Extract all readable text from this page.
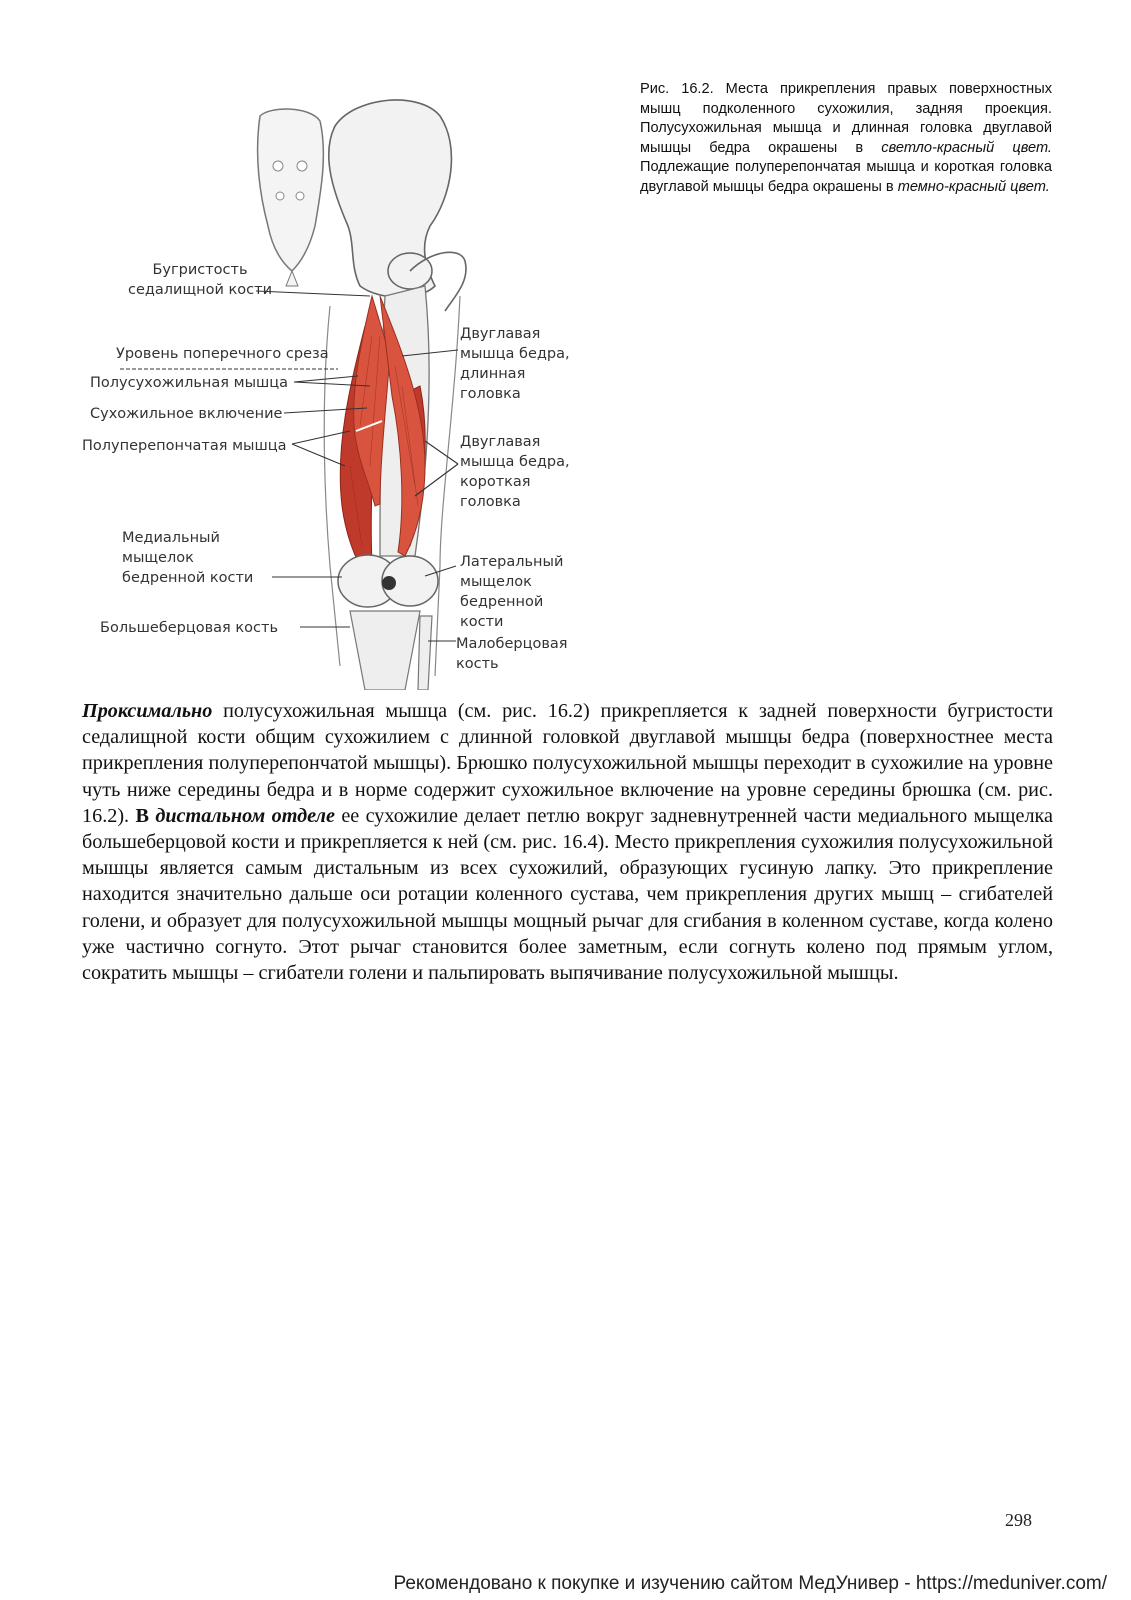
Бугристость
седалищной кости
Уровень поперечного среза
Полусухожильная мышца
Сухожильное включение
Полуперепончатая мышца
Медиальный
мыщелок
бедренной кости
Большеберцовая кость
Двуглавая
мышца бедра,
длинная
головка
Двуглавая
мышца бедра,
короткая
головка
Латеральный
мыщелок
бедренной
кости
Малоберцовая
кость
Рис. 16.2. Места прикрепления правых поверхностных мышц подколенного сухожилия, задняя проекция. Полусухожильная мышца и длинная головка двуглавой мышцы бедра окрашены в светло-красный цвет. Подлежащие полуперепончатая мышца и короткая головка двуглавой мышцы бедра окрашены в темно-красный цвет.
Проксимально полусухожильная мышца (см. рис. 16.2) прикрепляется к задней поверхности бугристости седалищной кости общим сухожилием с длинной головкой двуглавой мышцы бедра (поверхностнее места прикрепления полуперепончатой мышцы). Брюшко полусухожильной мышцы переходит в сухожилие на уровне чуть ниже середины бедра и в норме содержит сухожильное включение на уровне середины брюшка (см. рис. 16.2). В дистальном отделе ее сухожилие делает петлю вокруг задневнутренней части медиального мыщелка большеберцовой кости и прикрепляется к ней (см. рис. 16.4). Место прикрепления сухожилия полусухожильной мышцы является самым дистальным из всех сухожилий, образующих гусиную лапку. Это прикрепление находится значительно дальше оси ротации коленного сустава, чем прикрепления других мышц – сгибателей голени, и образует для полусухожильной мышцы мощный рычаг для сгибания в коленном суставе, когда колено уже частично согнуто. Этот рычаг становится более заметным, если согнуть колено под прямым углом, сократить мышцы – сгибатели голени и пальпировать выпячивание полусухожильной мышцы.
298
Рекомендовано к покупке и изучению сайтом МедУнивер - https://meduniver.com/
